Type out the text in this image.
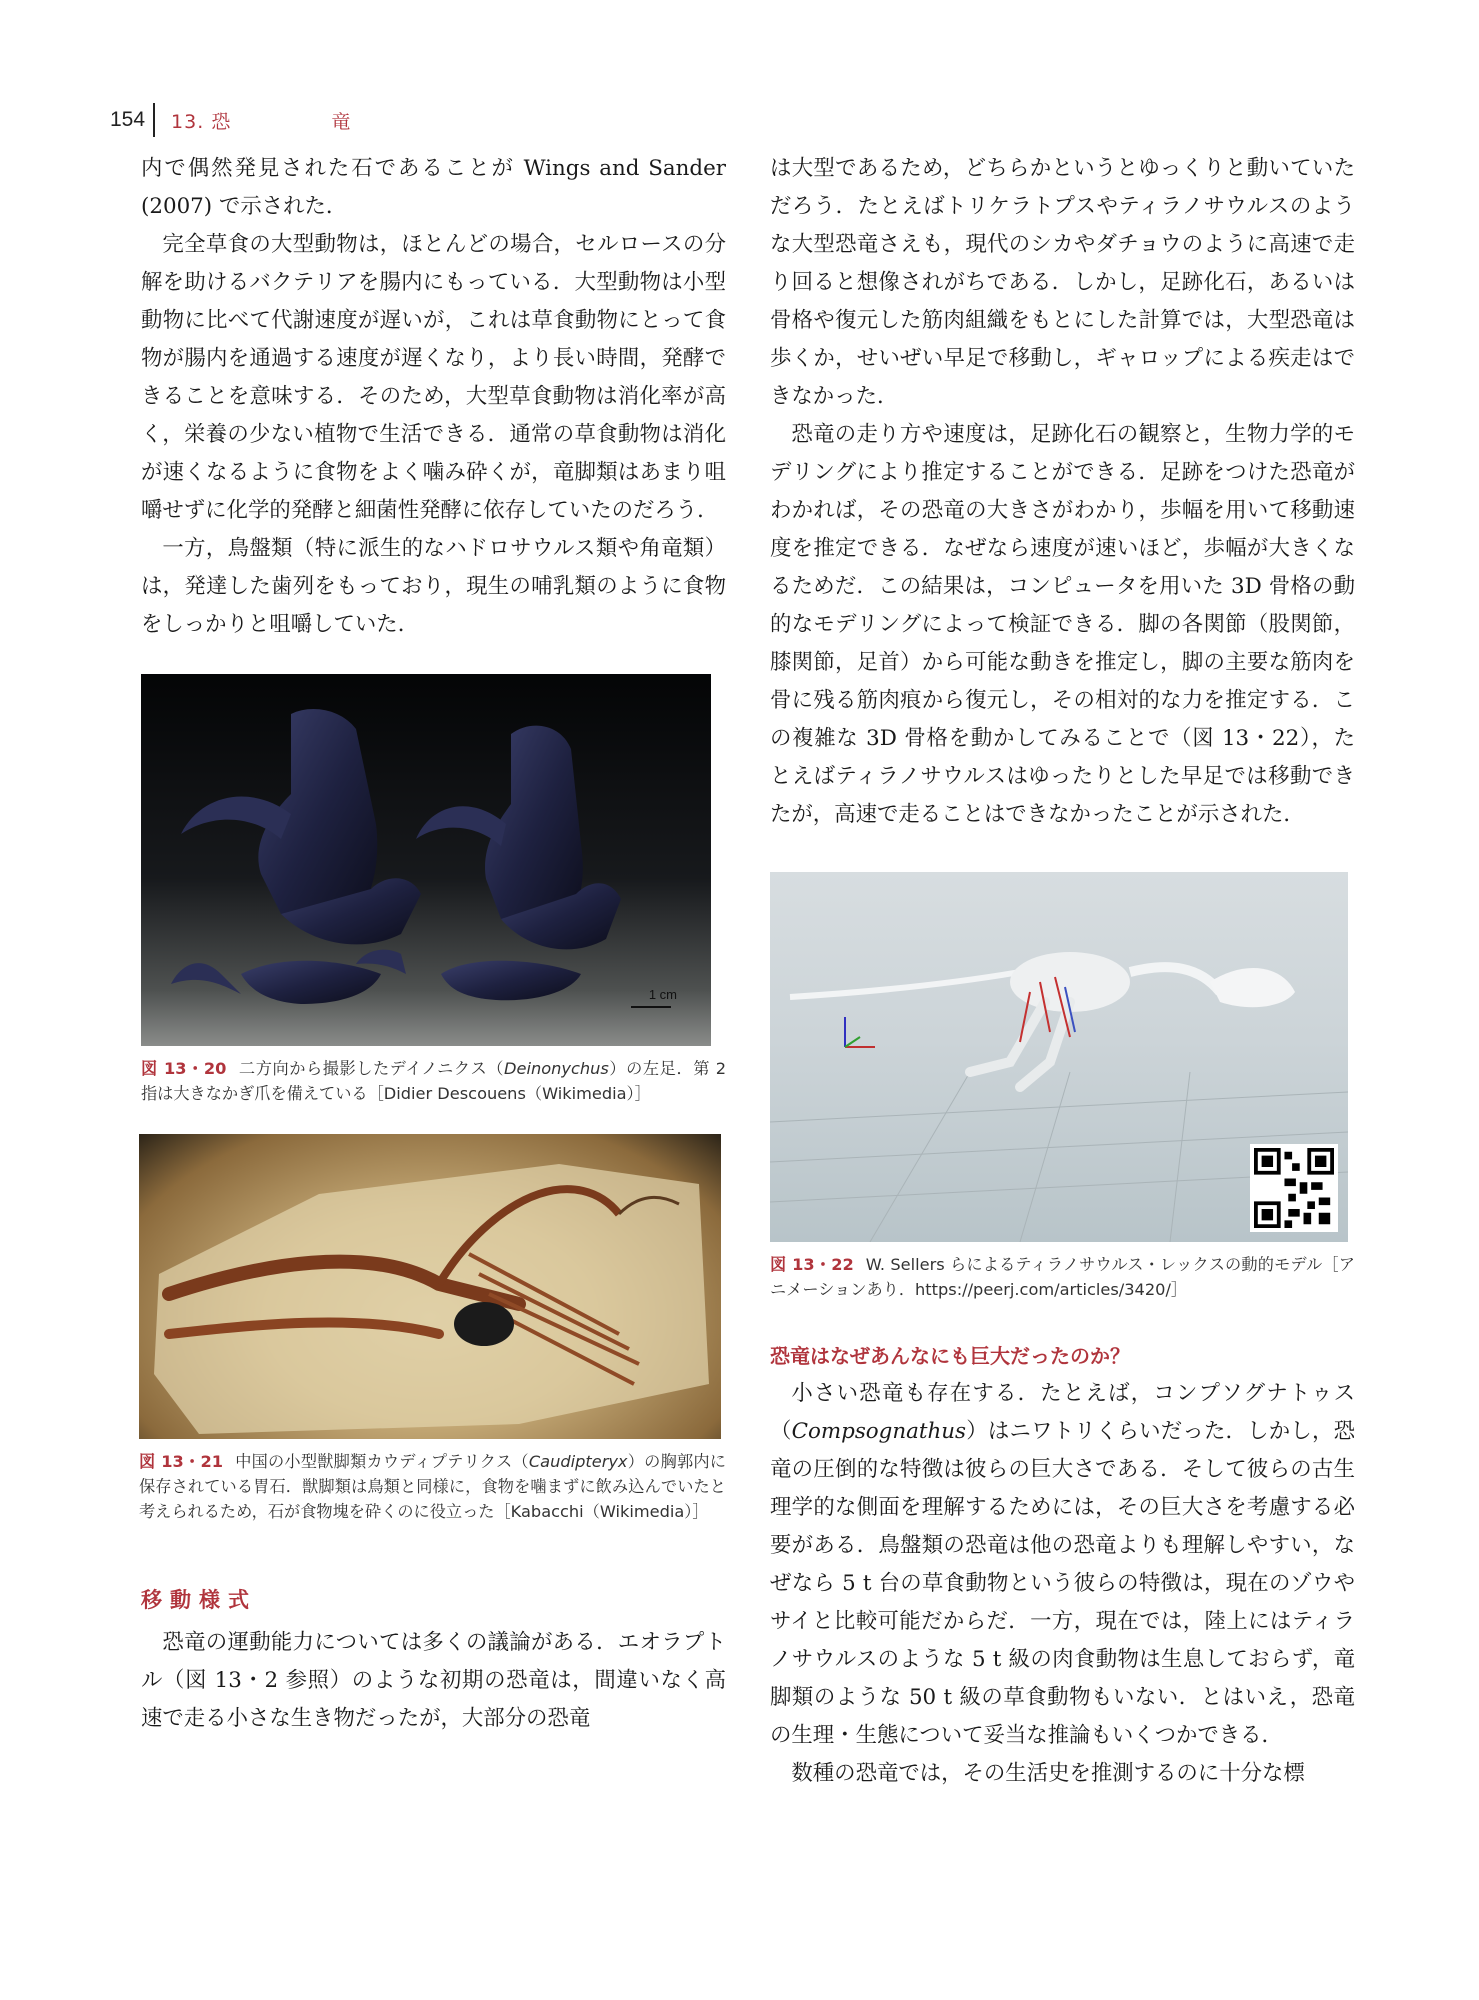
154 13. 恐	竜

内で偶然発見された石であることが Wings and Sander (2007) で示された．

完全草食の大型動物は，ほとんどの場合，セルロースの分解を助けるバクテリアを腸内にもっている．大型動物は小型動物に比べて代謝速度が遅いが，これは草食動物にとって食物が腸内を通過する速度が遅くなり，より長い時間，発酵できることを意味する．そのため，大型草食動物は消化率が高く，栄養の少ない植物で生活できる．通常の草食動物は消化が速くなるように食物をよく噛み砕くが，竜脚類はあまり咀嚼せずに化学的発酵と細菌性発酵に依存していたのだろう．

一方，鳥盤類（特に派生的なハドロサウルス類や角竜類）は，発達した歯列をもっており，現生の哺乳類のように食物をしっかりと咀嚼していた．

1 cm
図 13・20 二方向から撮影したデイノニクス（Deinonychus）の左足．第 2 指は大きなかぎ爪を備えている［Didier Descouens（Wikimedia）］
図 13・21 中国の小型獣脚類カウディプテリクス（Caudipteryx）の胸郭内に保存されている胃石．獣脚類は鳥類と同様に，食物を噛まずに飲み込んでいたと考えられるため，石が食物塊を砕くのに役立った［Kabacchi（Wikimedia）］
移動様式

恐竜の運動能力については多くの議論がある．エオラプトル（図 13・2 参照）のような初期の恐竜は，間違いなく高速で走る小さな生き物だったが，大部分の恐竜

は大型であるため，どちらかというとゆっくりと動いていただろう．たとえばトリケラトプスやティラノサウルスのような大型恐竜さえも，現代のシカやダチョウのように高速で走り回ると想像されがちである．しかし，足跡化石，あるいは骨格や復元した筋肉組織をもとにした計算では，大型恐竜は歩くか，せいぜい早足で移動し，ギャロップによる疾走はできなかった．

恐竜の走り方や速度は，足跡化石の観察と，生物力学的モデリングにより推定することができる．足跡をつけた恐竜がわかれば，その恐竜の大きさがわかり，歩幅を用いて移動速度を推定できる．なぜなら速度が速いほど，歩幅が大きくなるためだ．この結果は，コンピュータを用いた 3D 骨格の動的なモデリングによって検証できる．脚の各関節（股関節，膝関節，足首）から可能な動きを推定し，脚の主要な筋肉を骨に残る筋肉痕から復元し，その相対的な力を推定する．この複雑な 3D 骨格を動かしてみることで（図 13・22），たとえばティラノサウルスはゆったりとした早足では移動できたが，高速で走ることはできなかったことが示された．

図 13・22 W. Sellers らによるティラノサウルス・レックスの動的モデル［アニメーションあり．https://peerj.com/articles/3420/］
恐竜はなぜあんなにも巨大だったのか？

小さい恐竜も存在する．たとえば，コンプソグナトゥス（Compsognathus）はニワトリくらいだった．しかし，恐竜の圧倒的な特徴は彼らの巨大さである．そして彼らの古生理学的な側面を理解するためには，その巨大さを考慮する必要がある．鳥盤類の恐竜は他の恐竜よりも理解しやすい，なぜなら 5 t 台の草食動物という彼らの特徴は，現在のゾウやサイと比較可能だからだ．一方，現在では，陸上にはティラノサウルスのような 5 t 級の肉食動物は生息しておらず，竜脚類のような 50 t 級の草食動物もいない．とはいえ，恐竜の生理・生態について妥当な推論もいくつかできる．

数種の恐竜では，その生活史を推測するのに十分な標
